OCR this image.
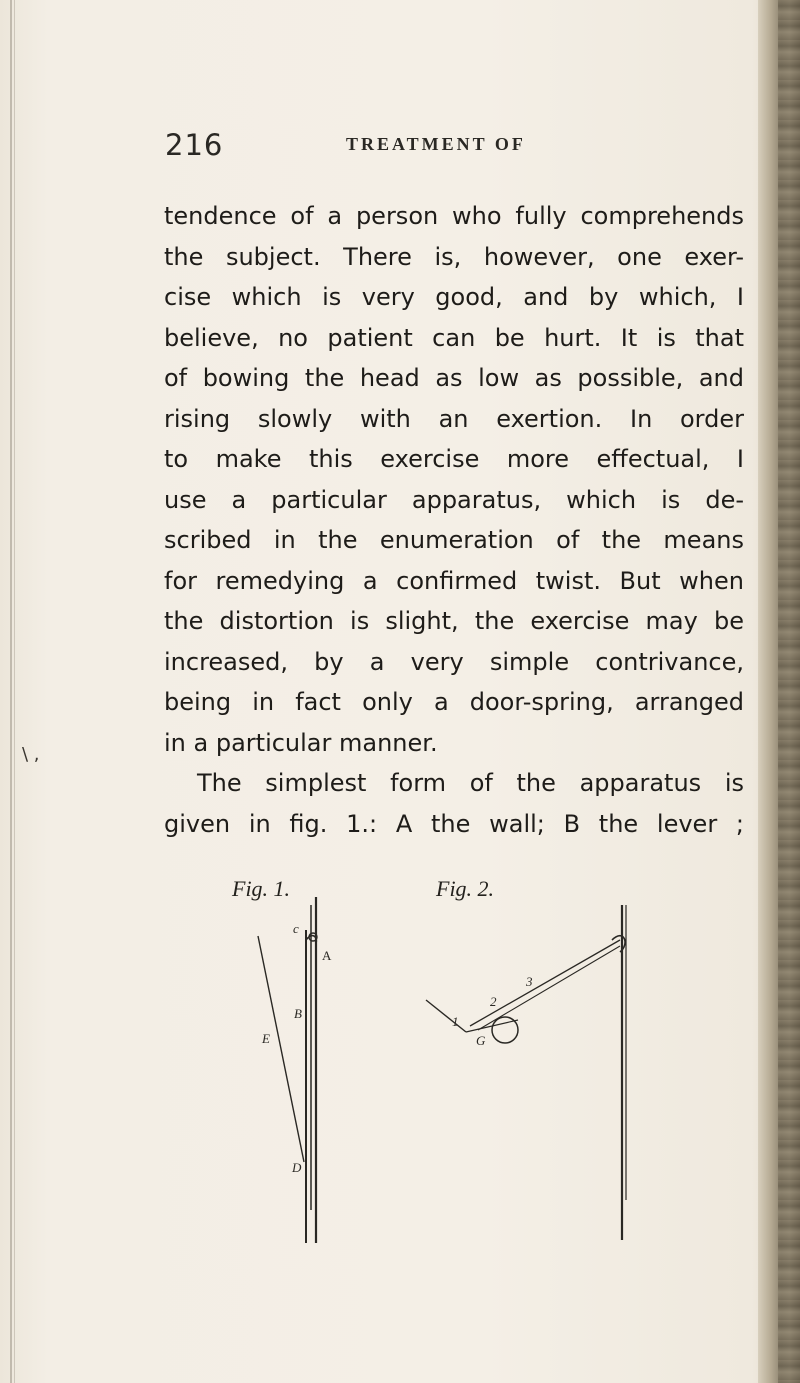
216	TREATMENT OF
\ ,
tendence of a person who fully comprehends
the subject. There is, however, one exer-
cise which is very good, and by which, I
believe, no patient can be hurt. It is that
of bowing the head as low as possible, and
rising slowly with an exertion. In order
to make this exercise more effectual, I
use a particular apparatus, which is de-
scribed in the enumeration of the means
for remedying a confirmed twist. But when
the distortion is slight, the exercise may be
increased, by a very simple contrivance,
being in fact only a door-spring, arranged
in a particular manner.
The simplest form of the apparatus is
given in fig. 1.: A the wall; B the lever ;
Fig. 1.	Fig. 2.
c
A
B
E
D
1
2
3
G
